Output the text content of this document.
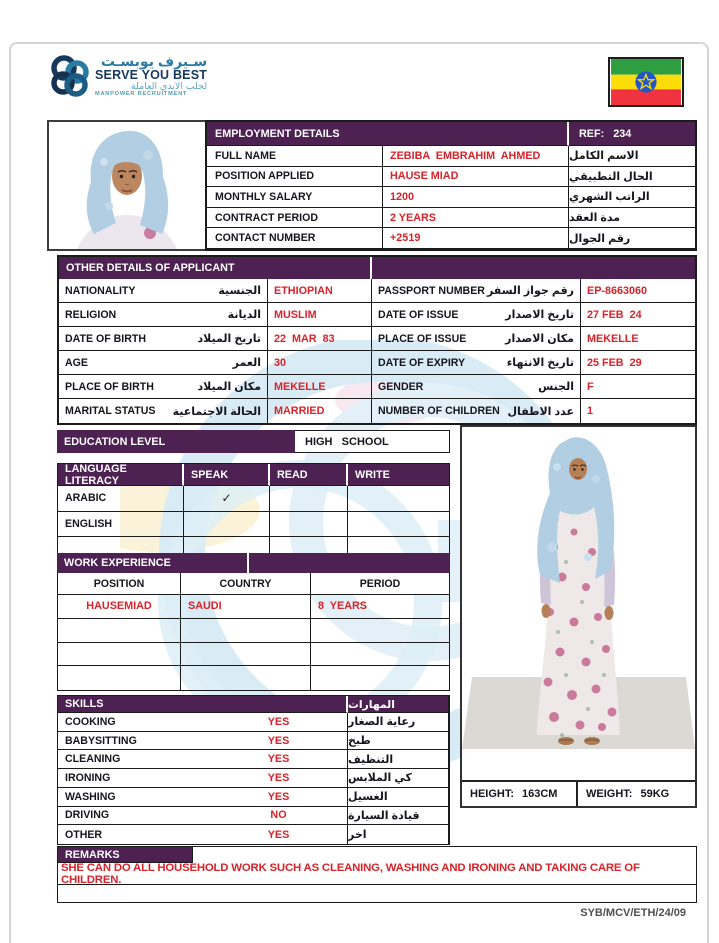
سـيرف يوبسـت
SERVE YOU BEST
لجلب الايدي العاملة
MANPOWER RECRUITMENT
EMPLOYMENT DETAILS	REF:   234
FULL NAME	ZEBIBA  EMBRAHIM  AHMED	الاسم الكامل
POSITION APPLIED	HAUSE MIAD	الحال التطبيقي
MONTHLY SALARY	1200	الراتب الشهري
CONTRACT PERIOD	2 YEARS	مدة العقد
CONTACT NUMBER	+2519	رقم الجوال
OTHER DETAILS OF APPLICANT
NATIONALITY	الجنسية	ETHIOPIAN	PASSPORT NUMBER رقم جواز السفر	EP-8663060
RELIGION	الديانة	MUSLIM	DATE OF ISSUE	تاريخ الاصدار	27 FEB  24
DATE OF BIRTH	تاريخ الميلاد	22  MAR  83	PLACE OF ISSUE	مكان الاصدار	MEKELLE
AGE	العمر	30	DATE OF EXPIRY	تاريخ الانتهاء	25 FEB  29
PLACE OF BIRTH	مكان الميلاد	MEKELLE	GENDER	الجنس	F
MARITAL STATUS الحالة الاجتماعية	MARRIED	NUMBER OF CHILDREN عدد الاطفال	1
EDUCATION LEVEL	HIGH   SCHOOL
LANGUAGE LITERACY	SPEAK	READ	WRITE
ARABIC	✓
ENGLISH
WORK EXPERIENCE
POSITION	COUNTRY	PERIOD
HAUSEMIAD	SAUDI	8  YEARS
SKILLS	المهارات
COOKING	YES	رعاية الصغار
BABYSITTING	YES	طبخ
CLEANING	YES	التنظيف
IRONING	YES	كي الملابس
WASHING	YES	الغسيل
DRIVING	NO	قيادة السيارة
OTHER	YES	اخر
HEIGHT: 163CM	WEIGHT: 59KG
REMARKS
SHE CAN DO ALL HOUSEHOLD WORK SUCH AS CLEANING, WASHING AND IRONING AND TAKING CARE OF CHILDREN.
SYB/MCV/ETH/24/09
